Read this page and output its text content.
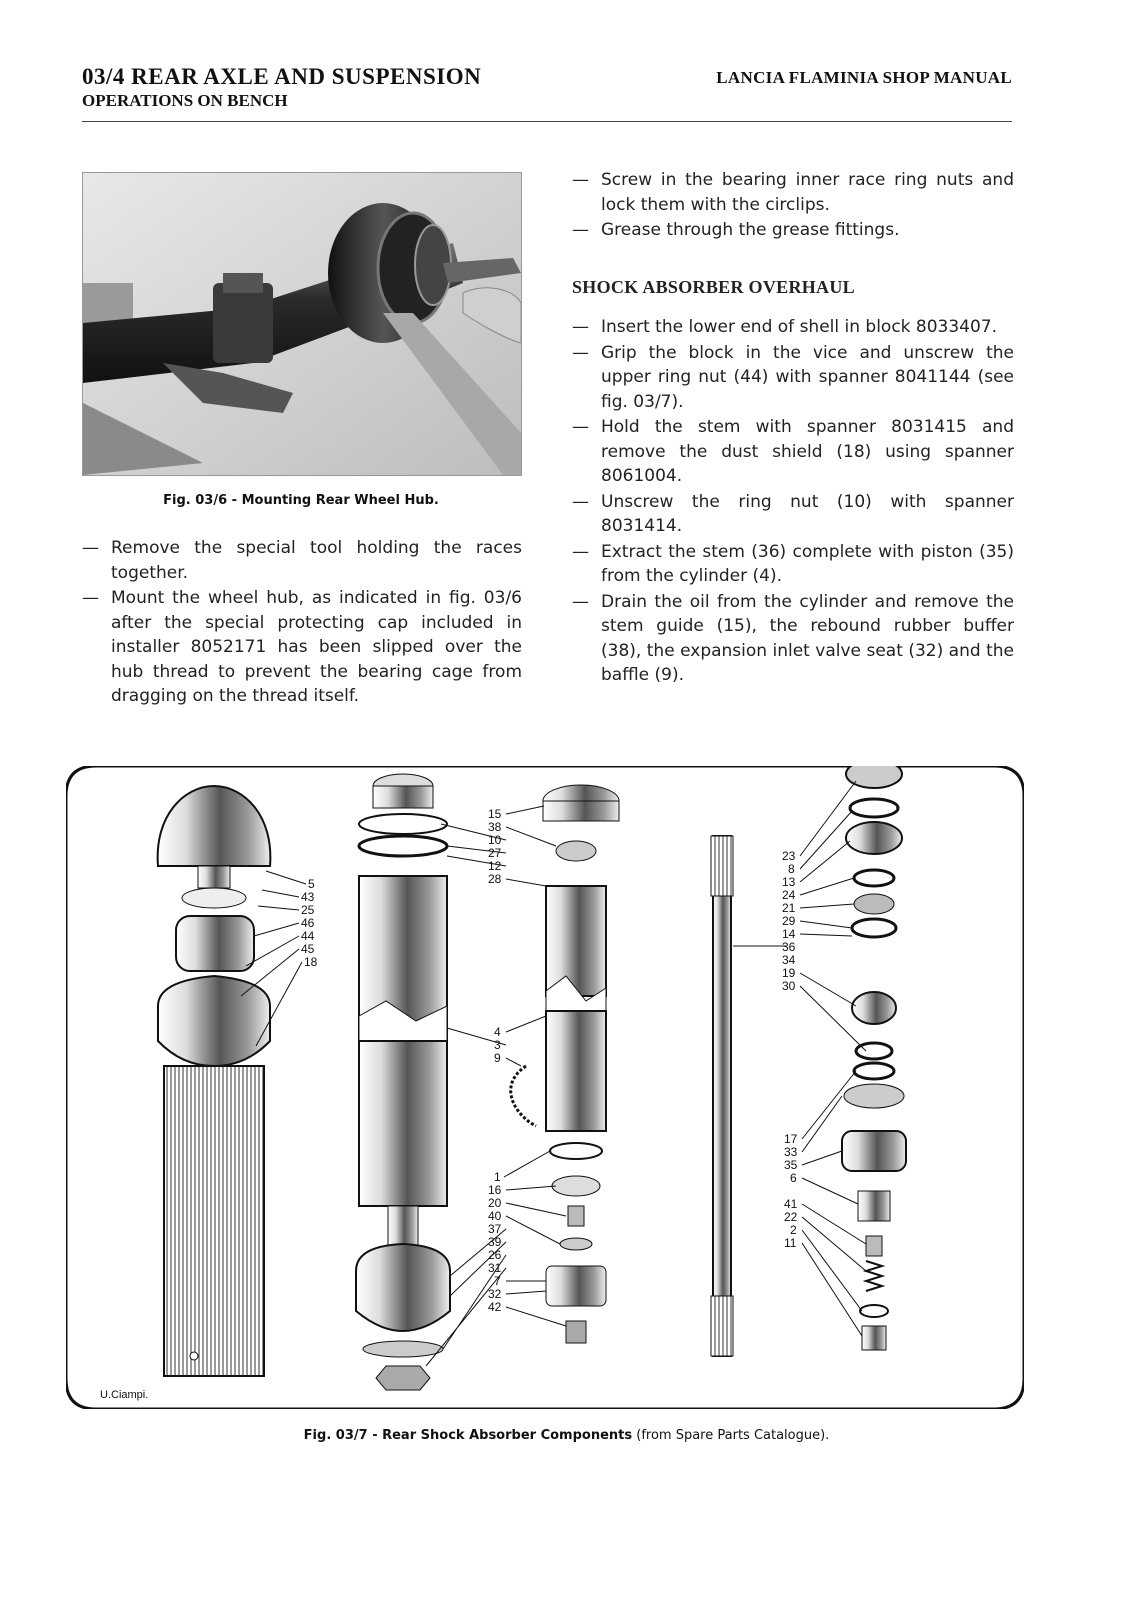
03/4 REAR AXLE AND SUSPENSION
OPERATIONS ON BENCH
LANCIA FLAMINIA SHOP MANUAL
Fig. 03/6 - Mounting Rear Wheel Hub.
— Remove the special tool holding the races together.
— Mount the wheel hub, as indicated in fig. 03/6 after the special protecting cap included in installer 8052171 has been slipped over the hub thread to prevent the bearing cage from dragging on the thread itself.
— Screw in the bearing inner race ring nuts and lock them with the circlips.
— Grease through the grease fittings.
SHOCK ABSORBER OVERHAUL
— Insert the lower end of shell in block 8033407.
— Grip the block in the vice and unscrew the upper ring nut (44) with spanner 8041144 (see fig. 03/7).
— Hold the stem with spanner 8031415 and remove the dust shield (18) using spanner 8061004.
— Unscrew the ring nut (10) with spanner 8031414.
— Extract the stem (36) complete with piston (35) from the cylinder (4).
— Drain the oil from the cylinder and remove the stem guide (15), the rebound rubber buffer (38), the expansion inlet valve seat (32) and the baffle (9).
5
43
25
46
44
45
18
15
38
10
27
12
28
4
3
9
1
16
20
40
37
39
26
31
7
32
42
23
8
13
24
21
29
14
36
34
19
30
17
33
35
6
41
22
2
11
U.Ciampi.
Fig. 03/7 - Rear Shock Absorber Components (from Spare Parts Catalogue).
